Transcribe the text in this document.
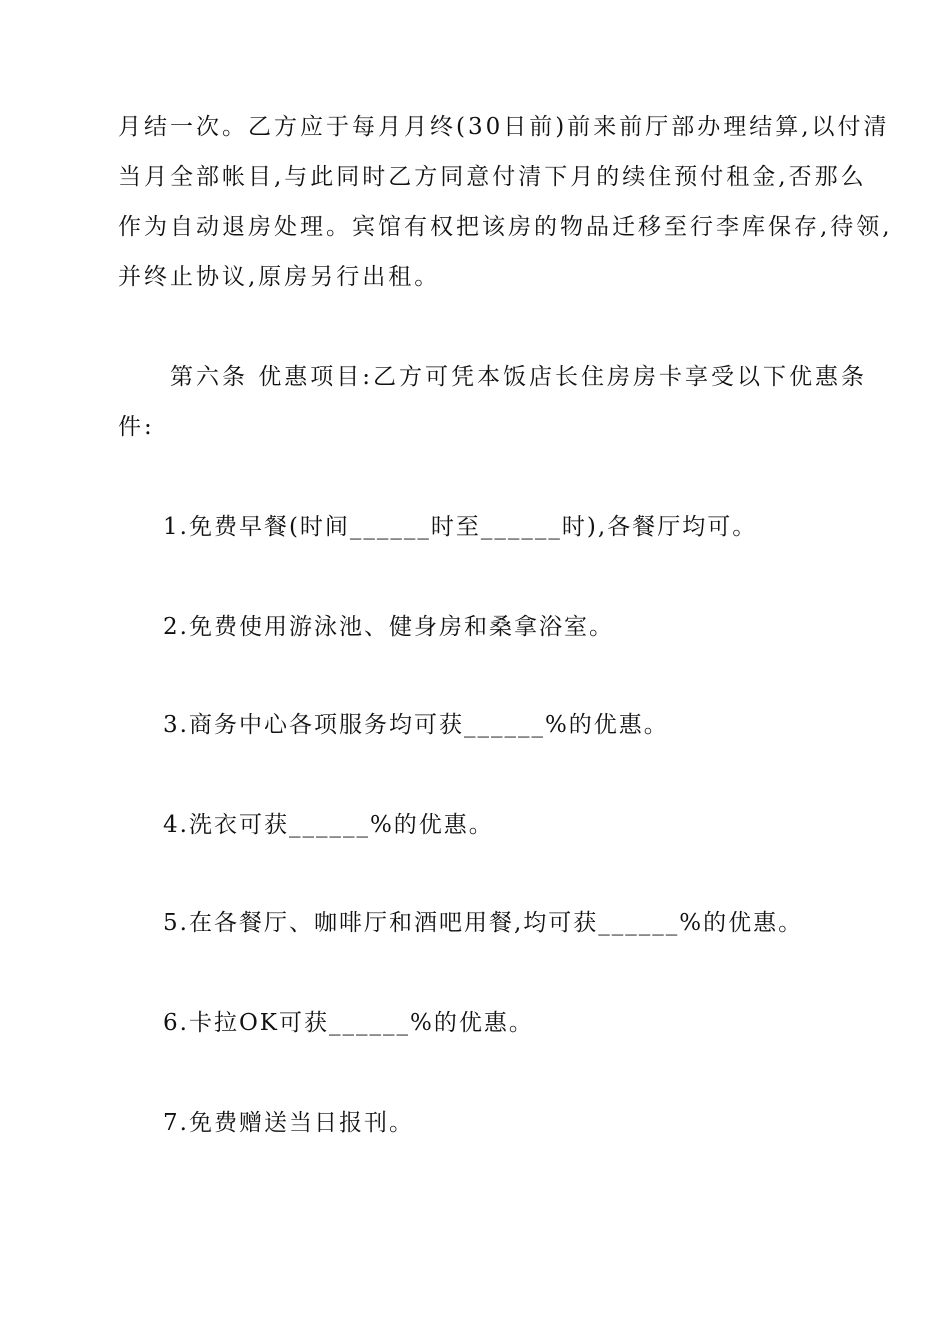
月结一次。乙方应于每月月终(30日前)前来前厅部办理结算,以付清
当月全部帐目,与此同时乙方同意付清下月的续住预付租金,否那么
作为自动退房处理。宾馆有权把该房的物品迁移至行李库保存,待领,
并终止协议,原房另行出租。
第六条 优惠项目:乙方可凭本饭店长住房房卡享受以下优惠条
件:
1.免费早餐(时间______时至______时),各餐厅均可。
2.免费使用游泳池、健身房和桑拿浴室。
3.商务中心各项服务均可获______%的优惠。
4.洗衣可获______%的优惠。
5.在各餐厅、咖啡厅和酒吧用餐,均可获______%的优惠。
6.卡拉OK可获______%的优惠。
7.免费赠送当日报刊。
